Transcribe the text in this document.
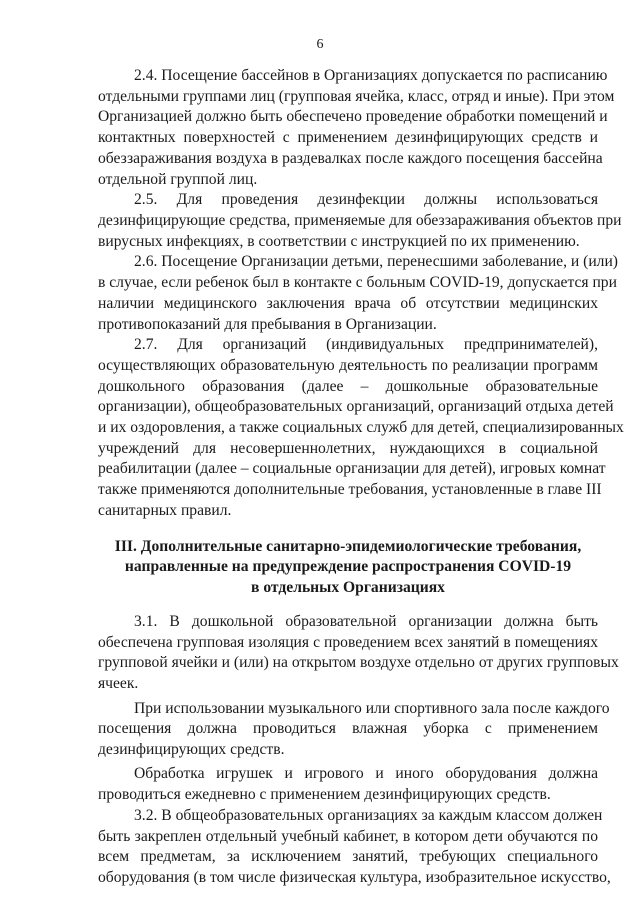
6
2.4. Посещение бассейнов в Организациях допускается по расписанию
отдельными группами лиц (групповая ячейка, класс, отряд и иные). При этом
Организацией должно быть обеспечено проведение обработки помещений и
контактных поверхностей с применением дезинфицирующих средств и
обеззараживания воздуха в раздевалках после каждого посещения бассейна
отдельной группой лиц.
2.5. Для проведения дезинфекции должны использоваться
дезинфицирующие средства, применяемые для обеззараживания объектов при
вирусных инфекциях, в соответствии с инструкцией по их применению.
2.6. Посещение Организации детьми, перенесшими заболевание, и (или)
в случае, если ребенок был в контакте с больным COVID-19, допускается при
наличии медицинского заключения врача об отсутствии медицинских
противопоказаний для пребывания в Организации.
2.7. Для организаций (индивидуальных предпринимателей),
осуществляющих образовательную деятельность по реализации программ
дошкольного образования (далее – дошкольные образовательные
организации), общеобразовательных организаций, организаций отдыха детей
и их оздоровления, а также социальных служб для детей, специализированных
учреждений для несовершеннолетних, нуждающихся в социальной
реабилитации (далее – социальные организации для детей), игровых комнат
также применяются дополнительные требования, установленные в главе III
санитарных правил.
III. Дополнительные санитарно-эпидемиологические требования,
направленные на предупреждение распространения COVID-19
в отдельных Организациях
3.1. В дошкольной образовательной организации должна быть
обеспечена групповая изоляция с проведением всех занятий в помещениях
групповой ячейки и (или) на открытом воздухе отдельно от других групповых
ячеек.
При использовании музыкального или спортивного зала после каждого
посещения должна проводиться влажная уборка с применением
дезинфицирующих средств.
Обработка игрушек и игрового и иного оборудования должна
проводиться ежедневно с применением дезинфицирующих средств.
3.2. В общеобразовательных организациях за каждым классом должен
быть закреплен отдельный учебный кабинет, в котором дети обучаются по
всем предметам, за исключением занятий, требующих специального
оборудования (в том числе физическая культура, изобразительное искусство,
